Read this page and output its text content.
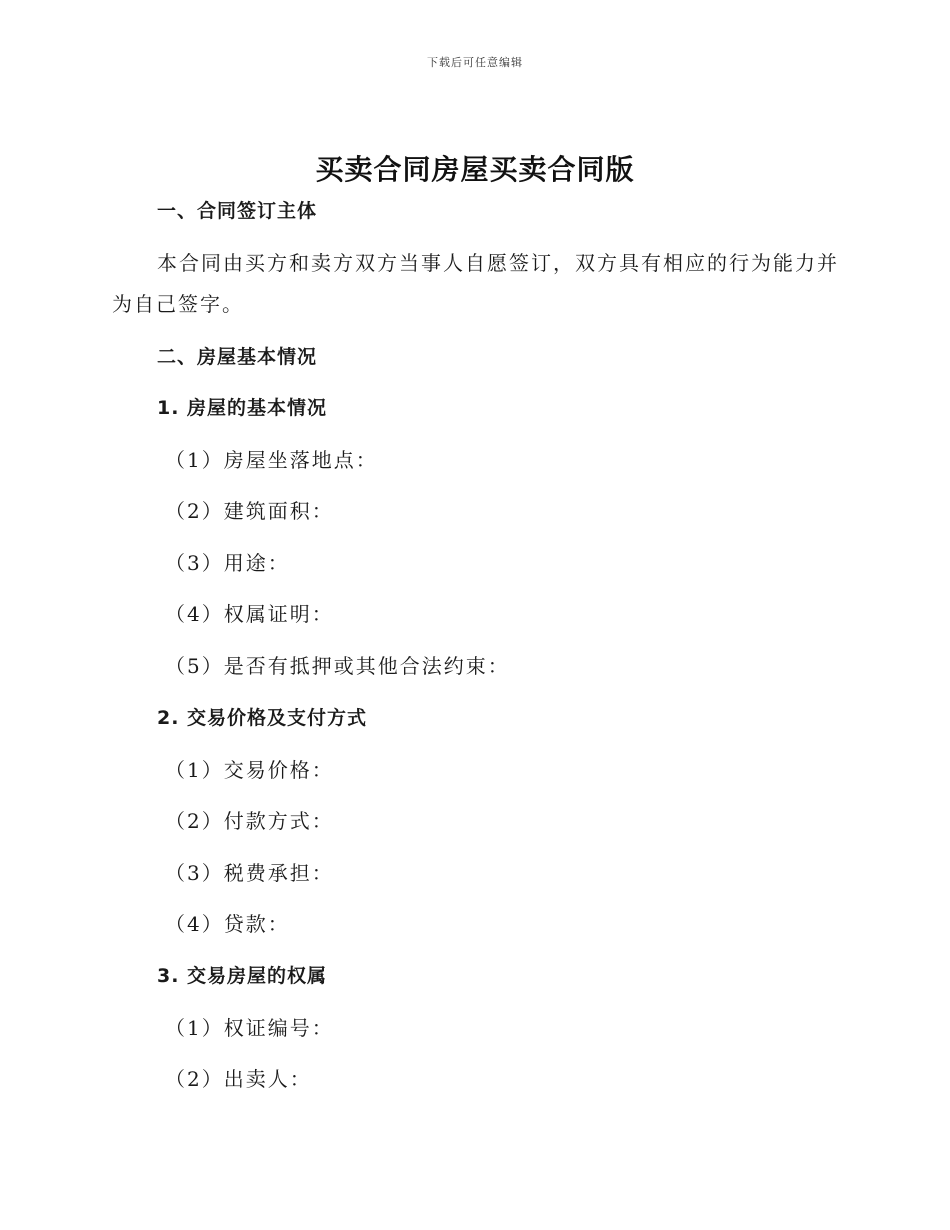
下载后可任意编辑
买卖合同房屋买卖合同版
一、合同签订主体
本合同由买方和卖方双方当事人自愿签订，双方具有相应的行为能力并
为自己签字。
二、房屋基本情况
1. 房屋的基本情况
（1）房屋坐落地点：
（2）建筑面积：
（3）用途：
（4）权属证明：
（5）是否有抵押或其他合法约束：
2. 交易价格及支付方式
（1）交易价格：
（2）付款方式：
（3）税费承担：
（4）贷款：
3. 交易房屋的权属
（1）权证编号：
（2）出卖人：
